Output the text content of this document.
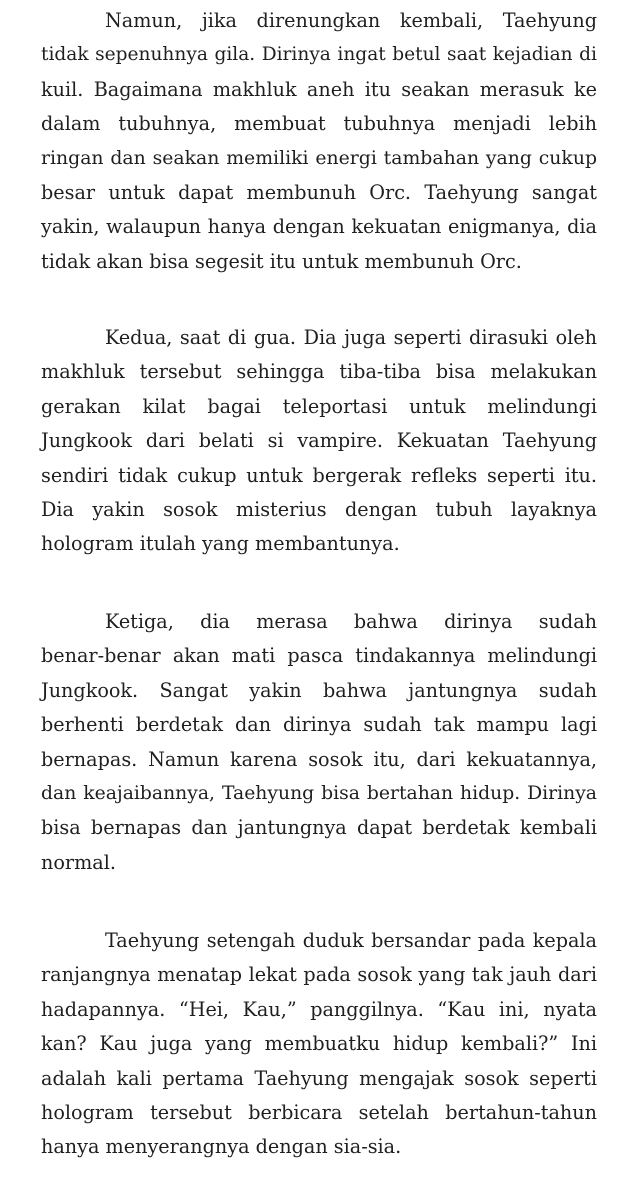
Namun, jika direnungkan kembali, Taehyung
tidak sepenuhnya gila. Dirinya ingat betul saat kejadian di
kuil. Bagaimana makhluk aneh itu seakan merasuk ke
dalam tubuhnya, membuat tubuhnya menjadi lebih
ringan dan seakan memiliki energi tambahan yang cukup
besar untuk dapat membunuh Orc. Taehyung sangat
yakin, walaupun hanya dengan kekuatan enigmanya, dia
tidak akan bisa segesit itu untuk membunuh Orc.
Kedua, saat di gua. Dia juga seperti dirasuki oleh
makhluk tersebut sehingga tiba-tiba bisa melakukan
gerakan kilat bagai teleportasi untuk melindungi
Jungkook dari belati si vampire. Kekuatan Taehyung
sendiri tidak cukup untuk bergerak refleks seperti itu.
Dia yakin sosok misterius dengan tubuh layaknya
hologram itulah yang membantunya.
Ketiga, dia merasa bahwa dirinya sudah
benar-benar akan mati pasca tindakannya melindungi
Jungkook. Sangat yakin bahwa jantungnya sudah
berhenti berdetak dan dirinya sudah tak mampu lagi
bernapas. Namun karena sosok itu, dari kekuatannya,
dan keajaibannya, Taehyung bisa bertahan hidup. Dirinya
bisa bernapas dan jantungnya dapat berdetak kembali
normal.
Taehyung setengah duduk bersandar pada kepala
ranjangnya menatap lekat pada sosok yang tak jauh dari
hadapannya. “Hei, Kau,” panggilnya. “Kau ini, nyata
kan? Kau juga yang membuatku hidup kembali?” Ini
adalah kali pertama Taehyung mengajak sosok seperti
hologram tersebut berbicara setelah bertahun-tahun
hanya menyerangnya dengan sia-sia.
